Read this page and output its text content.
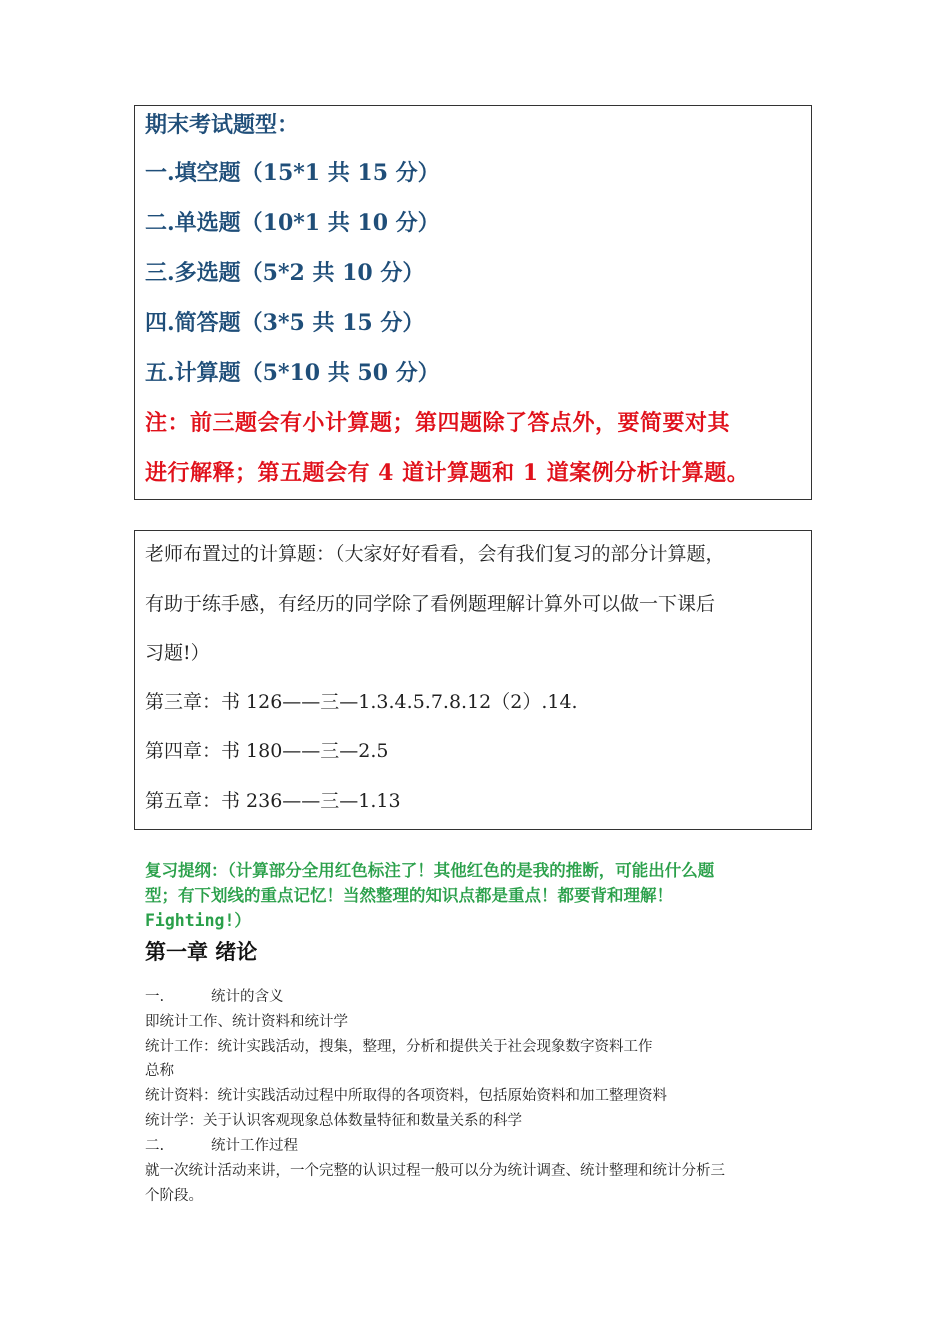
期末考试题型：
一.填空题（15*1 共 15 分）
二.单选题（10*1 共 10 分）
三.多选题（5*2 共 10 分）
四.简答题（3*5 共 15 分）
五.计算题（5*10 共 50 分）
注：前三题会有小计算题；第四题除了答点外，要简要对其
进行解释；第五题会有 4 道计算题和 1 道案例分析计算题。
老师布置过的计算题：（大家好好看看，会有我们复习的部分计算题，
有助于练手感，有经历的同学除了看例题理解计算外可以做一下课后
习题!）
第三章：书 126——三—1.3.4.5.7.8.12（2）.14.
第四章：书 180——三—2.5
第五章：书 236——三—1.13
复习提纲：（计算部分全用红色标注了！其他红色的是我的推断，可能出什么题
型；有下划线的重点记忆！当然整理的知识点都是重点！都要背和理解！
Fighting!）
第一章 绪论
一.	统计的含义
即统计工作、统计资料和统计学
统计工作：统计实践活动，搜集，整理，分析和提供关于社会现象数字资料工作
总称
统计资料：统计实践活动过程中所取得的各项资料，包括原始资料和加工整理资料
统计学：关于认识客观现象总体数量特征和数量关系的科学
二.	统计工作过程
就一次统计活动来讲，一个完整的认识过程一般可以分为统计调查、统计整理和统计分析三
个阶段。
